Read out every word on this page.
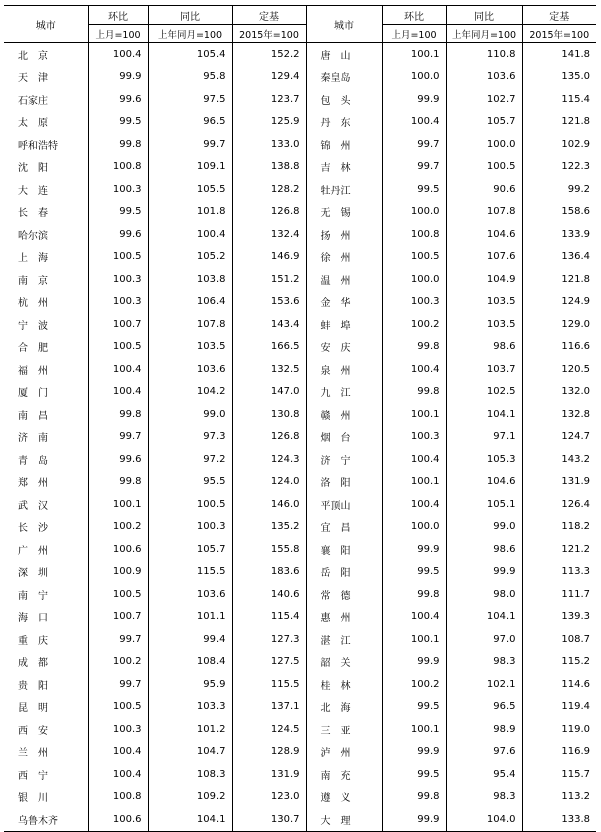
城市	环比	同比	定基	城市	环比	同比	定基
	上月=100	上年同月=100	2015年=100		上月=100	上年同月=100	2015年=100
北　京	100.4	105.4	152.2	唐　山	100.1	110.8	141.8
天　津	99.9	95.8	129.4	秦皇岛	100.0	103.6	135.0
石家庄	99.6	97.5	123.7	包　头	99.9	102.7	115.4
太　原	99.5	96.5	125.9	丹　东	100.4	105.7	121.8
呼和浩特	99.8	99.7	133.0	锦　州	99.7	100.0	102.9
沈　阳	100.8	109.1	138.8	吉　林	99.7	100.5	122.3
大　连	100.3	105.5	128.2	牡丹江	99.5	90.6	99.2
长　春	99.5	101.8	126.8	无　锡	100.0	107.8	158.6
哈尔滨	99.6	100.4	132.4	扬　州	100.8	104.6	133.9
上　海	100.5	105.2	146.9	徐　州	100.5	107.6	136.4
南　京	100.3	103.8	151.2	温　州	100.0	104.9	121.8
杭　州	100.3	106.4	153.6	金　华	100.3	103.5	124.9
宁　波	100.7	107.8	143.4	蚌　埠	100.2	103.5	129.0
合　肥	100.5	103.5	166.5	安　庆	99.8	98.6	116.6
福　州	100.4	103.6	132.5	泉　州	100.4	103.7	120.5
厦　门	100.4	104.2	147.0	九　江	99.8	102.5	132.0
南　昌	99.8	99.0	130.8	赣　州	100.1	104.1	132.8
济　南	99.7	97.3	126.8	烟　台	100.3	97.1	124.7
青　岛	99.6	97.2	124.3	济　宁	100.4	105.3	143.2
郑　州	99.8	95.5	124.0	洛　阳	100.1	104.6	131.9
武　汉	100.1	100.5	146.0	平顶山	100.4	105.1	126.4
长　沙	100.2	100.3	135.2	宜　昌	100.0	99.0	118.2
广　州	100.6	105.7	155.8	襄　阳	99.9	98.6	121.2
深　圳	100.9	115.5	183.6	岳　阳	99.5	99.9	113.3
南　宁	100.5	103.6	140.6	常　德	99.8	98.0	111.7
海　口	100.7	101.1	115.4	惠　州	100.4	104.1	139.3
重　庆	99.7	99.4	127.3	湛　江	100.1	97.0	108.7
成　都	100.2	108.4	127.5	韶　关	99.9	98.3	115.2
贵　阳	99.7	95.9	115.5	桂　林	100.2	102.1	114.6
昆　明	100.5	103.3	137.1	北　海	99.5	96.5	119.4
西　安	100.3	101.2	124.5	三　亚	100.1	98.9	119.0
兰　州	100.4	104.7	128.9	泸　州	99.9	97.6	116.9
西　宁	100.4	108.3	131.9	南　充	99.5	95.4	115.7
银　川	100.8	109.2	123.0	遵　义	99.8	98.3	113.2
乌鲁木齐	100.6	104.1	130.7	大　理	99.9	104.0	133.8
